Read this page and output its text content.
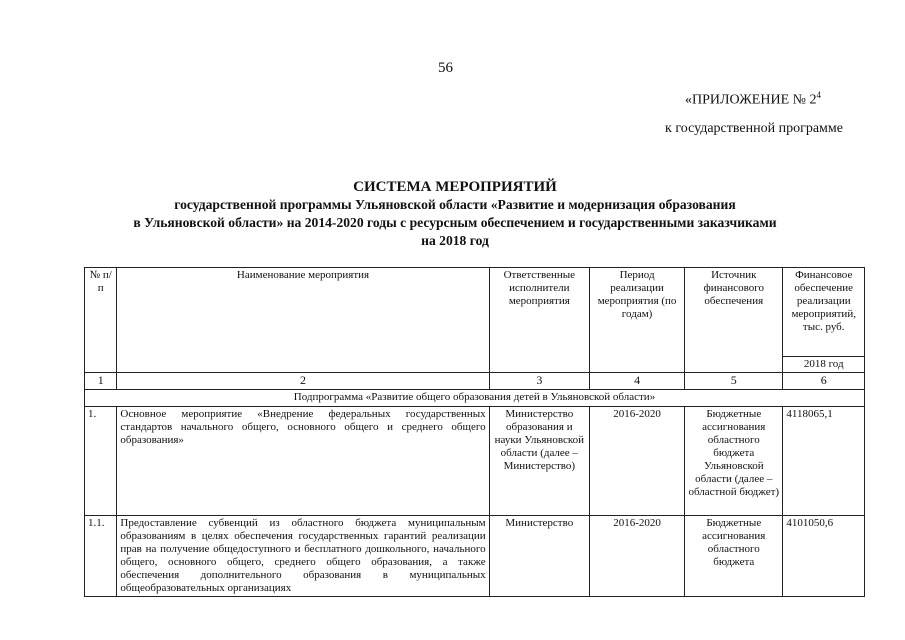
56
«ПРИЛОЖЕНИЕ № $2^4$
к государственной программе
СИСТЕМА МЕРОПРИЯТИЙ
государственной программы Ульяновской области «Развитие и модернизация образования
в Ульяновской области» на 2014-2020 годы с ресурсным обеспечением и государственными заказчиками
на 2018 год
№ п/п	Наименование мероприятия	Ответственные исполнители мероприятия	Период реализации мероприятия (по годам)	Источник финансового обеспечения	Финансовое обеспечение реализации мероприятий, тыс. руб.
					2018 год
1	2	3	4	5	6
Подпрограмма «Развитие общего образования детей в Ульяновской области»					
1.	Основное мероприятие «Внедрение федеральных государственных стандартов начального общего, основного общего и среднего общего образования»	Министерство образования и науки Ульяновской области (далее – Министерство)	2016-2020	Бюджетные ассигнования областного бюджета Ульяновской области (далее – областной бюджет)	4118065,1
1.1.	Предоставление субвенций из областного бюджета муниципальным образованиям в целях обеспечения государственных гарантий реализации прав на получение общедоступного и бесплатного дошкольного, начального общего, основного общего, среднего общего образования, а также обеспечения дополнительного образования в муниципальных общеобразовательных организациях	Министерство	2016-2020	Бюджетные ассигнования областного бюджета	4101050,6
